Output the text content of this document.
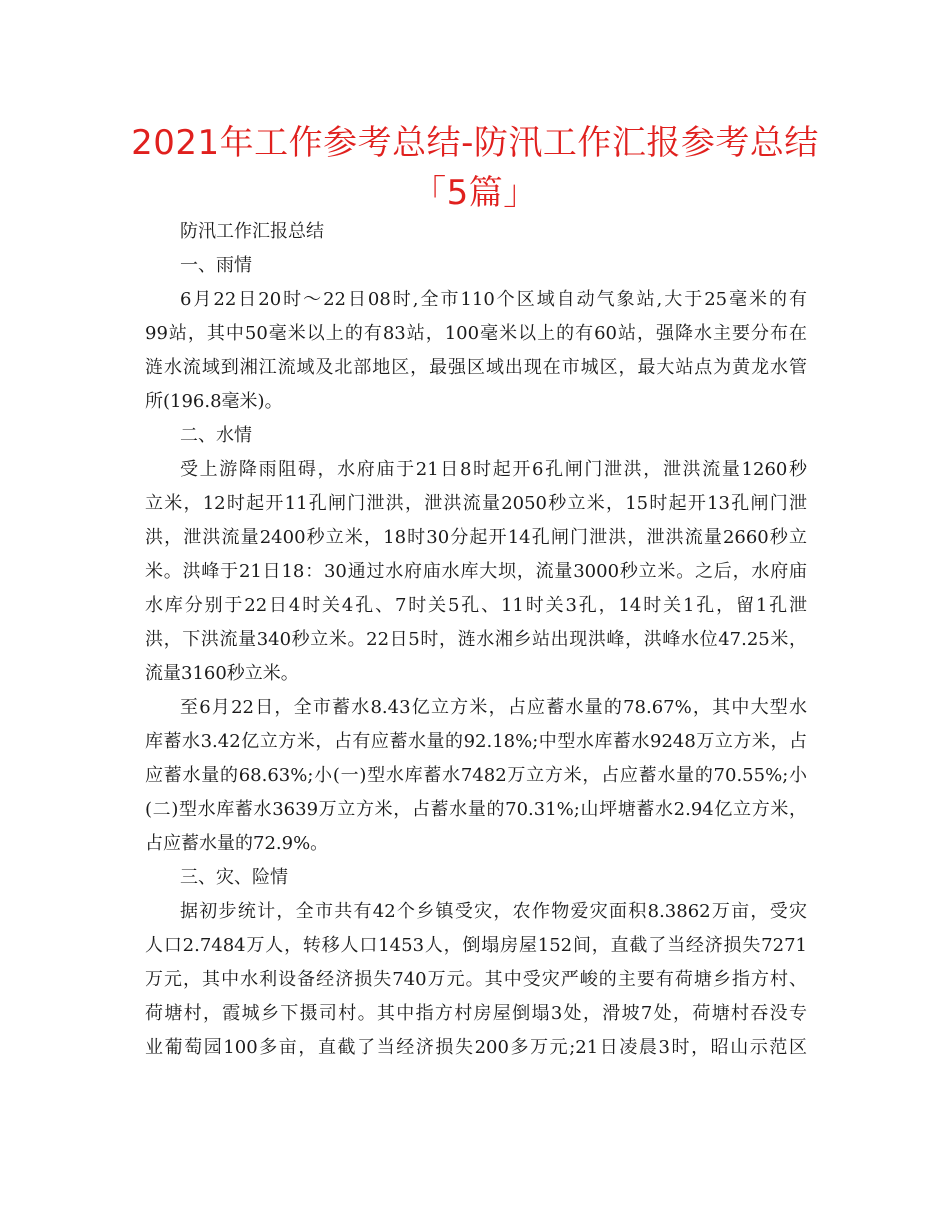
2021年工作参考总结-防汛工作汇报参考总结
「5篇」
防汛工作汇报总结
一、雨情
6月22日20时～22日08时,全市110个区域自动气象站,大于25毫米的有
99站，其中50毫米以上的有83站，100毫米以上的有60站，强降水主要分布在
涟水流域到湘江流域及北部地区，最强区域出现在市城区，最大站点为黄龙水管
所(196.8毫米)。
二、水情
受上游降雨阻碍，水府庙于21日8时起开6孔闸门泄洪，泄洪流量1260秒
立米，12时起开11孔闸门泄洪，泄洪流量2050秒立米，15时起开13孔闸门泄
洪，泄洪流量2400秒立米，18时30分起开14孔闸门泄洪，泄洪流量2660秒立
米。洪峰于21日18：30通过水府庙水库大坝，流量3000秒立米。之后，水府庙
水库分别于22日4时关4孔、7时关5孔、11时关3孔，14时关1孔，留1孔泄
洪，下洪流量340秒立米。22日5时，涟水湘乡站出现洪峰，洪峰水位47.25米，
流量3160秒立米。
至6月22日，全市蓄水8.43亿立方米，占应蓄水量的78.67%，其中大型水
库蓄水3.42亿立方米，占有应蓄水量的92.18%;中型水库蓄水9248万立方米，占
应蓄水量的68.63%;小(一)型水库蓄水7482万立方米，占应蓄水量的70.55%;小
(二)型水库蓄水3639万立方米，占蓄水量的70.31%;山坪塘蓄水2.94亿立方米，
占应蓄水量的72.9%。
三、灾、险情
据初步统计，全市共有42个乡镇受灾，农作物爱灾面积8.3862万亩，受灾
人口2.7484万人，转移人口1453人，倒塌房屋152间，直截了当经济损失7271
万元，其中水利设备经济损失740万元。其中受灾严峻的主要有荷塘乡指方村、
荷塘村，霞城乡下摄司村。其中指方村房屋倒塌3处，滑坡7处，荷塘村吞没专
业葡萄园100多亩，直截了当经济损失200多万元;21日凌晨3时，昭山示范区
